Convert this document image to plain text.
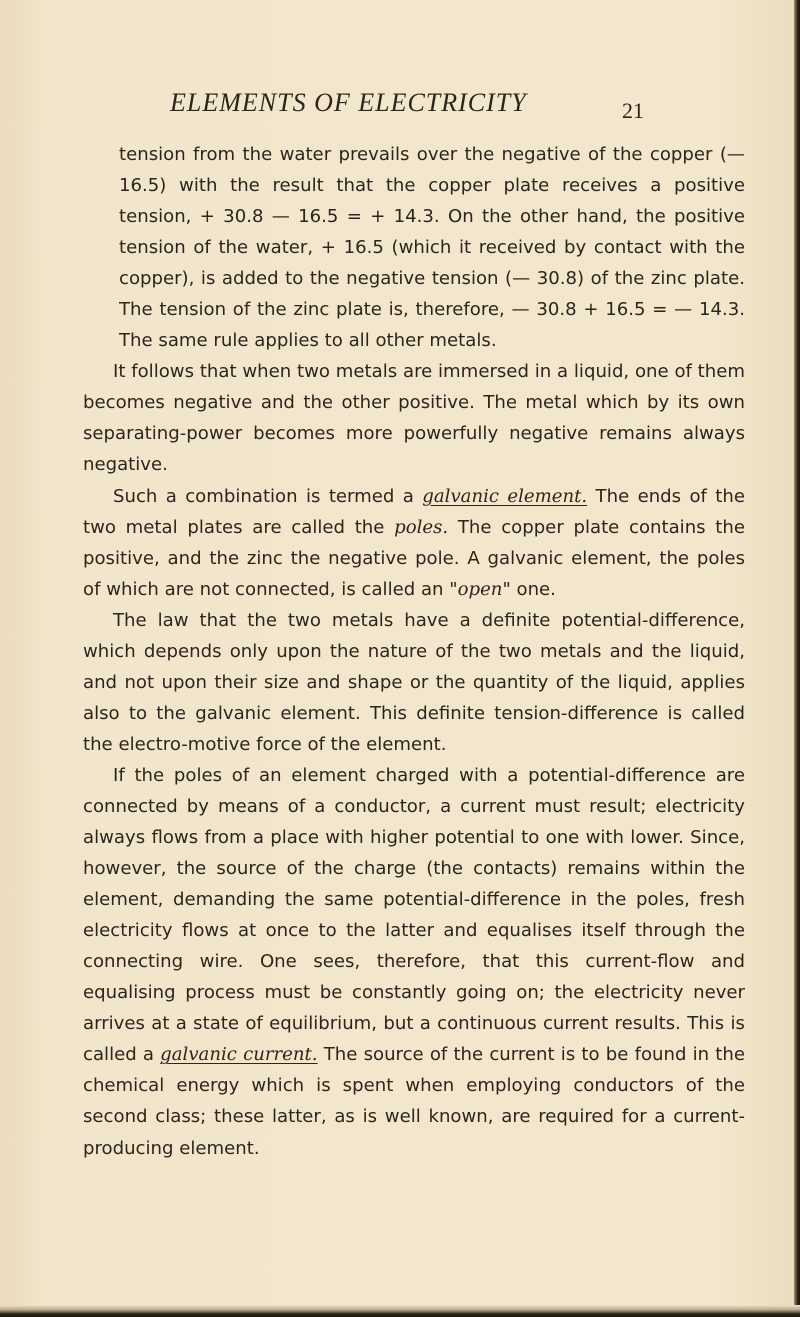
ELEMENTS OF ELECTRICITY	21

tension from the water prevails over the negative of the copper (—16.5) with the result that the copper plate receives a positive tension, + 30.8 — 16.5 = + 14.3. On the other hand, the positive tension of the water, + 16.5 (which it received by contact with the copper), is added to the negative tension (— 30.8) of the zinc plate. The tension of the zinc plate is, therefore, — 30.8 + 16.5 = — 14.3. The same rule applies to all other metals.

It follows that when two metals are immersed in a liquid, one of them becomes negative and the other positive. The metal which by its own separating-power becomes more powerfully negative remains always negative.

Such a combination is termed a galvanic element. The ends of the two metal plates are called the poles. The copper plate contains the positive, and the zinc the negative pole. A galvanic element, the poles of which are not connected, is called an "open" one.

The law that the two metals have a definite potential-difference, which depends only upon the nature of the two metals and the liquid, and not upon their size and shape or the quantity of the liquid, applies also to the galvanic element. This definite tension-difference is called the electro-motive force of the element.

If the poles of an element charged with a potential-difference are connected by means of a conductor, a current must result; electricity always flows from a place with higher potential to one with lower. Since, however, the source of the charge (the contacts) remains within the element, demanding the same potential-difference in the poles, fresh electricity flows at once to the latter and equalises itself through the connecting wire. One sees, therefore, that this current-flow and equalising process must be constantly going on; the electricity never arrives at a state of equilibrium, but a continuous current results. This is called a galvanic current. The source of the current is to be found in the chemical energy which is spent when employing conductors of the second class; these latter, as is well known, are required for a current-producing element.
